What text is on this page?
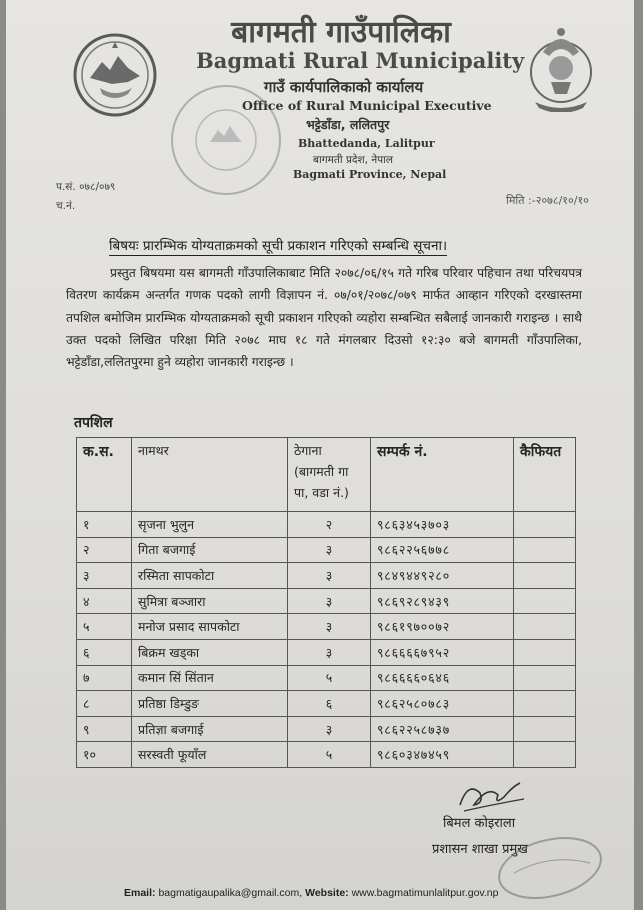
बागमती गाउँपालिका
Bagmati Rural Municipality
गाउँ कार्यपालिकाको कार्यालय
Office of Rural Municipal Executive
भट्टेडाँडा, ललितपुर
Bhattedanda, Lalitpur
बागमती प्रदेश, नेपाल
Bagmati Province, Nepal
प.सं. ०७८/०७९
च.नं.	मिति :-२०७८/१०/१०
बिषयः प्रारम्भिक योग्यताक्रमको सूची प्रकाशन गरिएको सम्बन्धि सूचना।
प्रस्तुत बिषयमा यस बागमती गाँउपालिकाबाट मिति २०७८/०६/१५ गते गरिब परिवार पहिचान तथा परिचयपत्र वितरण कार्यक्रम अन्तर्गत गणक पदको लागी विज्ञापन नं. ०७/०१/२०७८/०७९ मार्फत आव्हान गरिएको दरखास्तमा तपशिल बमोजिम प्रारम्भिक योग्यताक्रमको सूची प्रकाशन गरिएको व्यहोरा सम्बन्धित सबैलाई जानकारी गराइन्छ । साथै उक्त पदको लिखित परिक्षा मिति २०७८ माघ १८ गते मंगलबार दिउसो १२:३० बजे बागमती गाँउपालिका, भट्टेडाँडा,ललितपुरमा हुने व्यहोरा जानकारी गराइन्छ ।
तपशिल
क.स.	नामथर	ठेगाना
(बागमती गा
पा, वडा नं.)	सम्पर्क नं.	कैफियत

१	सृजना भुलुन	२	९८६३४५३७०३	
२	गिता बजगाई	३	९८६२२५६७७८	
३	रस्मिता सापकोटा	३	९८४९४४९२८०	
४	सुमित्रा बञ्जारा	३	९८६९२८९४३९	
५	मनोज प्रसाद सापकोटा	३	९८६१९७००७२	
६	बिक्रम खड्का	३	९८६६६६७९५२	
७	कमान सिं सिंतान	५	९८६६६६०६४६	
८	प्रतिष्ठा डिम्डुङ	६	९८६२५८०७८३	
९	प्रतिज्ञा बजगाई	३	९८६२२५८७३७	
१०	सरस्वती फूयाँल	५	९८६०३४७४५९	
बिमल कोइराला
प्रशासन शाखा प्रमुख
Email: bagmatigaupalika@gmail.com, Website: www.bagmatimunlalitpur.gov.np
